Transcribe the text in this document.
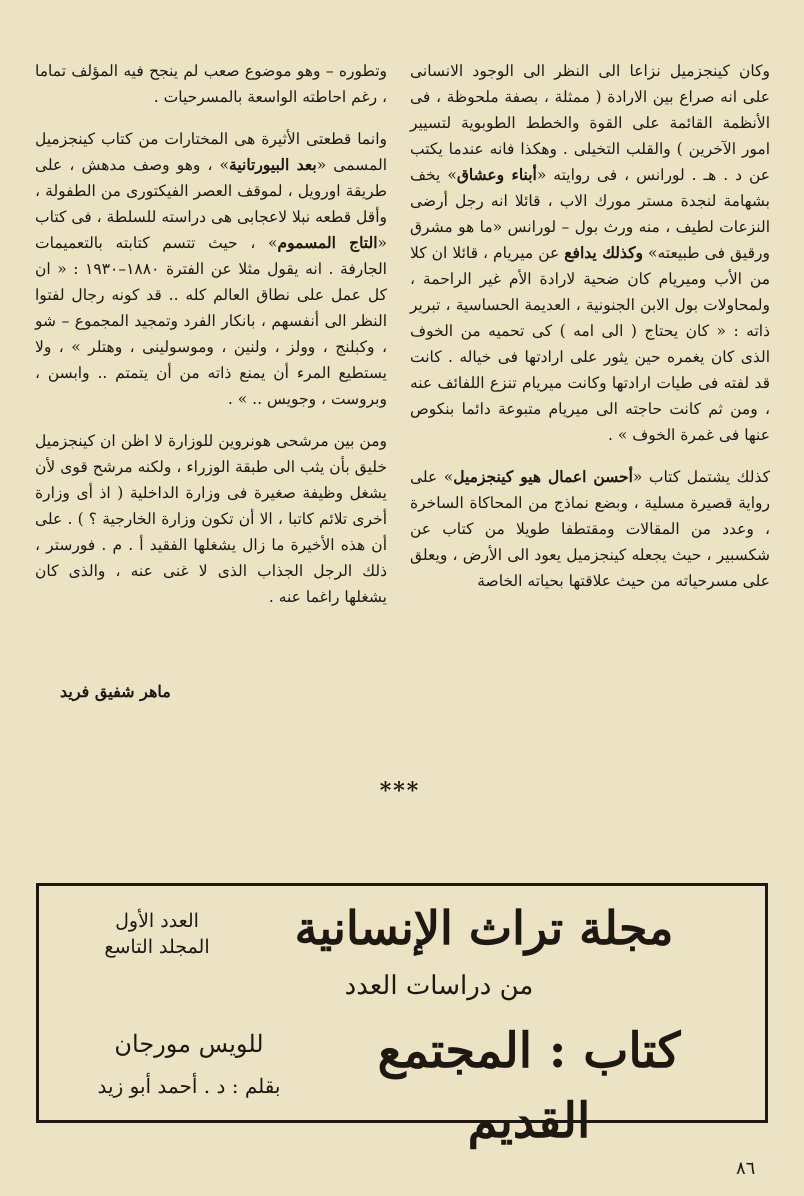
وكان كينجزميل نزاعا الى النظر الى الوجود الانسانى على انه صراع بين الارادة ( ممثلة ، بصفة ملحوظة ، فى الأنظمة القائمة على القوة والخطط الطوبوية لتسيير امور الآخرين ) والقلب التخيلى . وهكذا فانه عندما يكتب عن د . هـ . لورانس ، فى روايته «أبناء وعشاق» يخف بشهامة لنجدة مستر مورك الاب ، قائلا انه رجل أرضى النزعات لطيف ، منه ورث بول – لورانس «ما هو مشرق ورقيق فى طبيعته» وكذلك يدافع عن ميريام ، قائلا ان كلا من الأب وميريام كان ضحية لارادة الأم غير الراحمة ، ولمحاولات بول الابن الجنونية ، العديمة الحساسية ، تبرير ذاته : « كان يحتاج ( الى امه ) كى تحميه من الخوف الذى كان يغمره حين يثور على ارادتها فى خياله . كانت قد لفته فى طيات ارادتها وكانت ميريام تنزع اللفائف عنه ، ومن ثم كانت حاجته الى ميريام متبوعة دائما بنكوص عنها فى غمرة الخوف » .

كذلك يشتمل كتاب «أحسن اعمال هيو كينجزميل» على رواية قصيرة مسلية ، وبضع نماذج من المحاكاة الساخرة ، وعدد من المقالات ومقتطفا طويلا من كتاب عن شكسبير ، حيث يجعله كينجزميل يعود الى الأرض ، ويعلق على مسرحياته من حيث علاقتها بحياته الخاصة

وتطوره – وهو موضوع صعب لم ينجح فيه المؤلف تماما ، رغم احاطته الواسعة بالمسرحيات .

وانما قطعتى الأثيرة هى المختارات من كتاب كينجزميل المسمى «بعد البيورتانية» ، وهو وصف مدهش ، على طريقة اورويل ، لموقف العصر الفيكتورى من الطفولة ، وأقل قطعه نبلا لاعجابى هى دراسته للسلطة ، فى كتاب «التاج المسموم» ، حيث تتسم كتابته بالتعميمات الجارفة . انه يقول مثلا عن الفترة ١٨٨٠–١٩٣٠ : « ان كل عمل على نطاق العالم كله .. قد كونه رجال لفتوا النظر الى أنفسهم ، بانكار الفرد وتمجيد المجموع – شو ، وكبلنج ، وولز ، ولنين ، وموسولينى ، وهتلر » ، ولا يستطيع المرء أن يمنع ذاته من أن يتمتم .. وابسن ، وبروست ، وجويس .. » .

ومن بين مرشحى هونروين للوزارة لا اظن ان كينجزميل خليق بأن يثب الى طبقة الوزراء ، ولكنه مرشح قوى لأن يشغل وظيفة صغيرة فى وزارة الداخلية ( اذ أى وزارة أخرى تلائم كاتبا ، الا أن تكون وزارة الخارجية ؟ ) . على أن هذه الأخيرة ما زال يشغلها الفقيد أ . م . فورستر ، ذلك الرجل الجذاب الذى لا غنى عنه ، والذى كان يشغلها راغما عنه .

ماهر شفيق فريد
***
مجلة تراث الإنسانية
العدد الأول
المجلد التاسع
من دراسات العدد
كتاب : المجتمع القديم
للويس مورجان
بقلم : د . أحمد أبو زيد
٨٦
